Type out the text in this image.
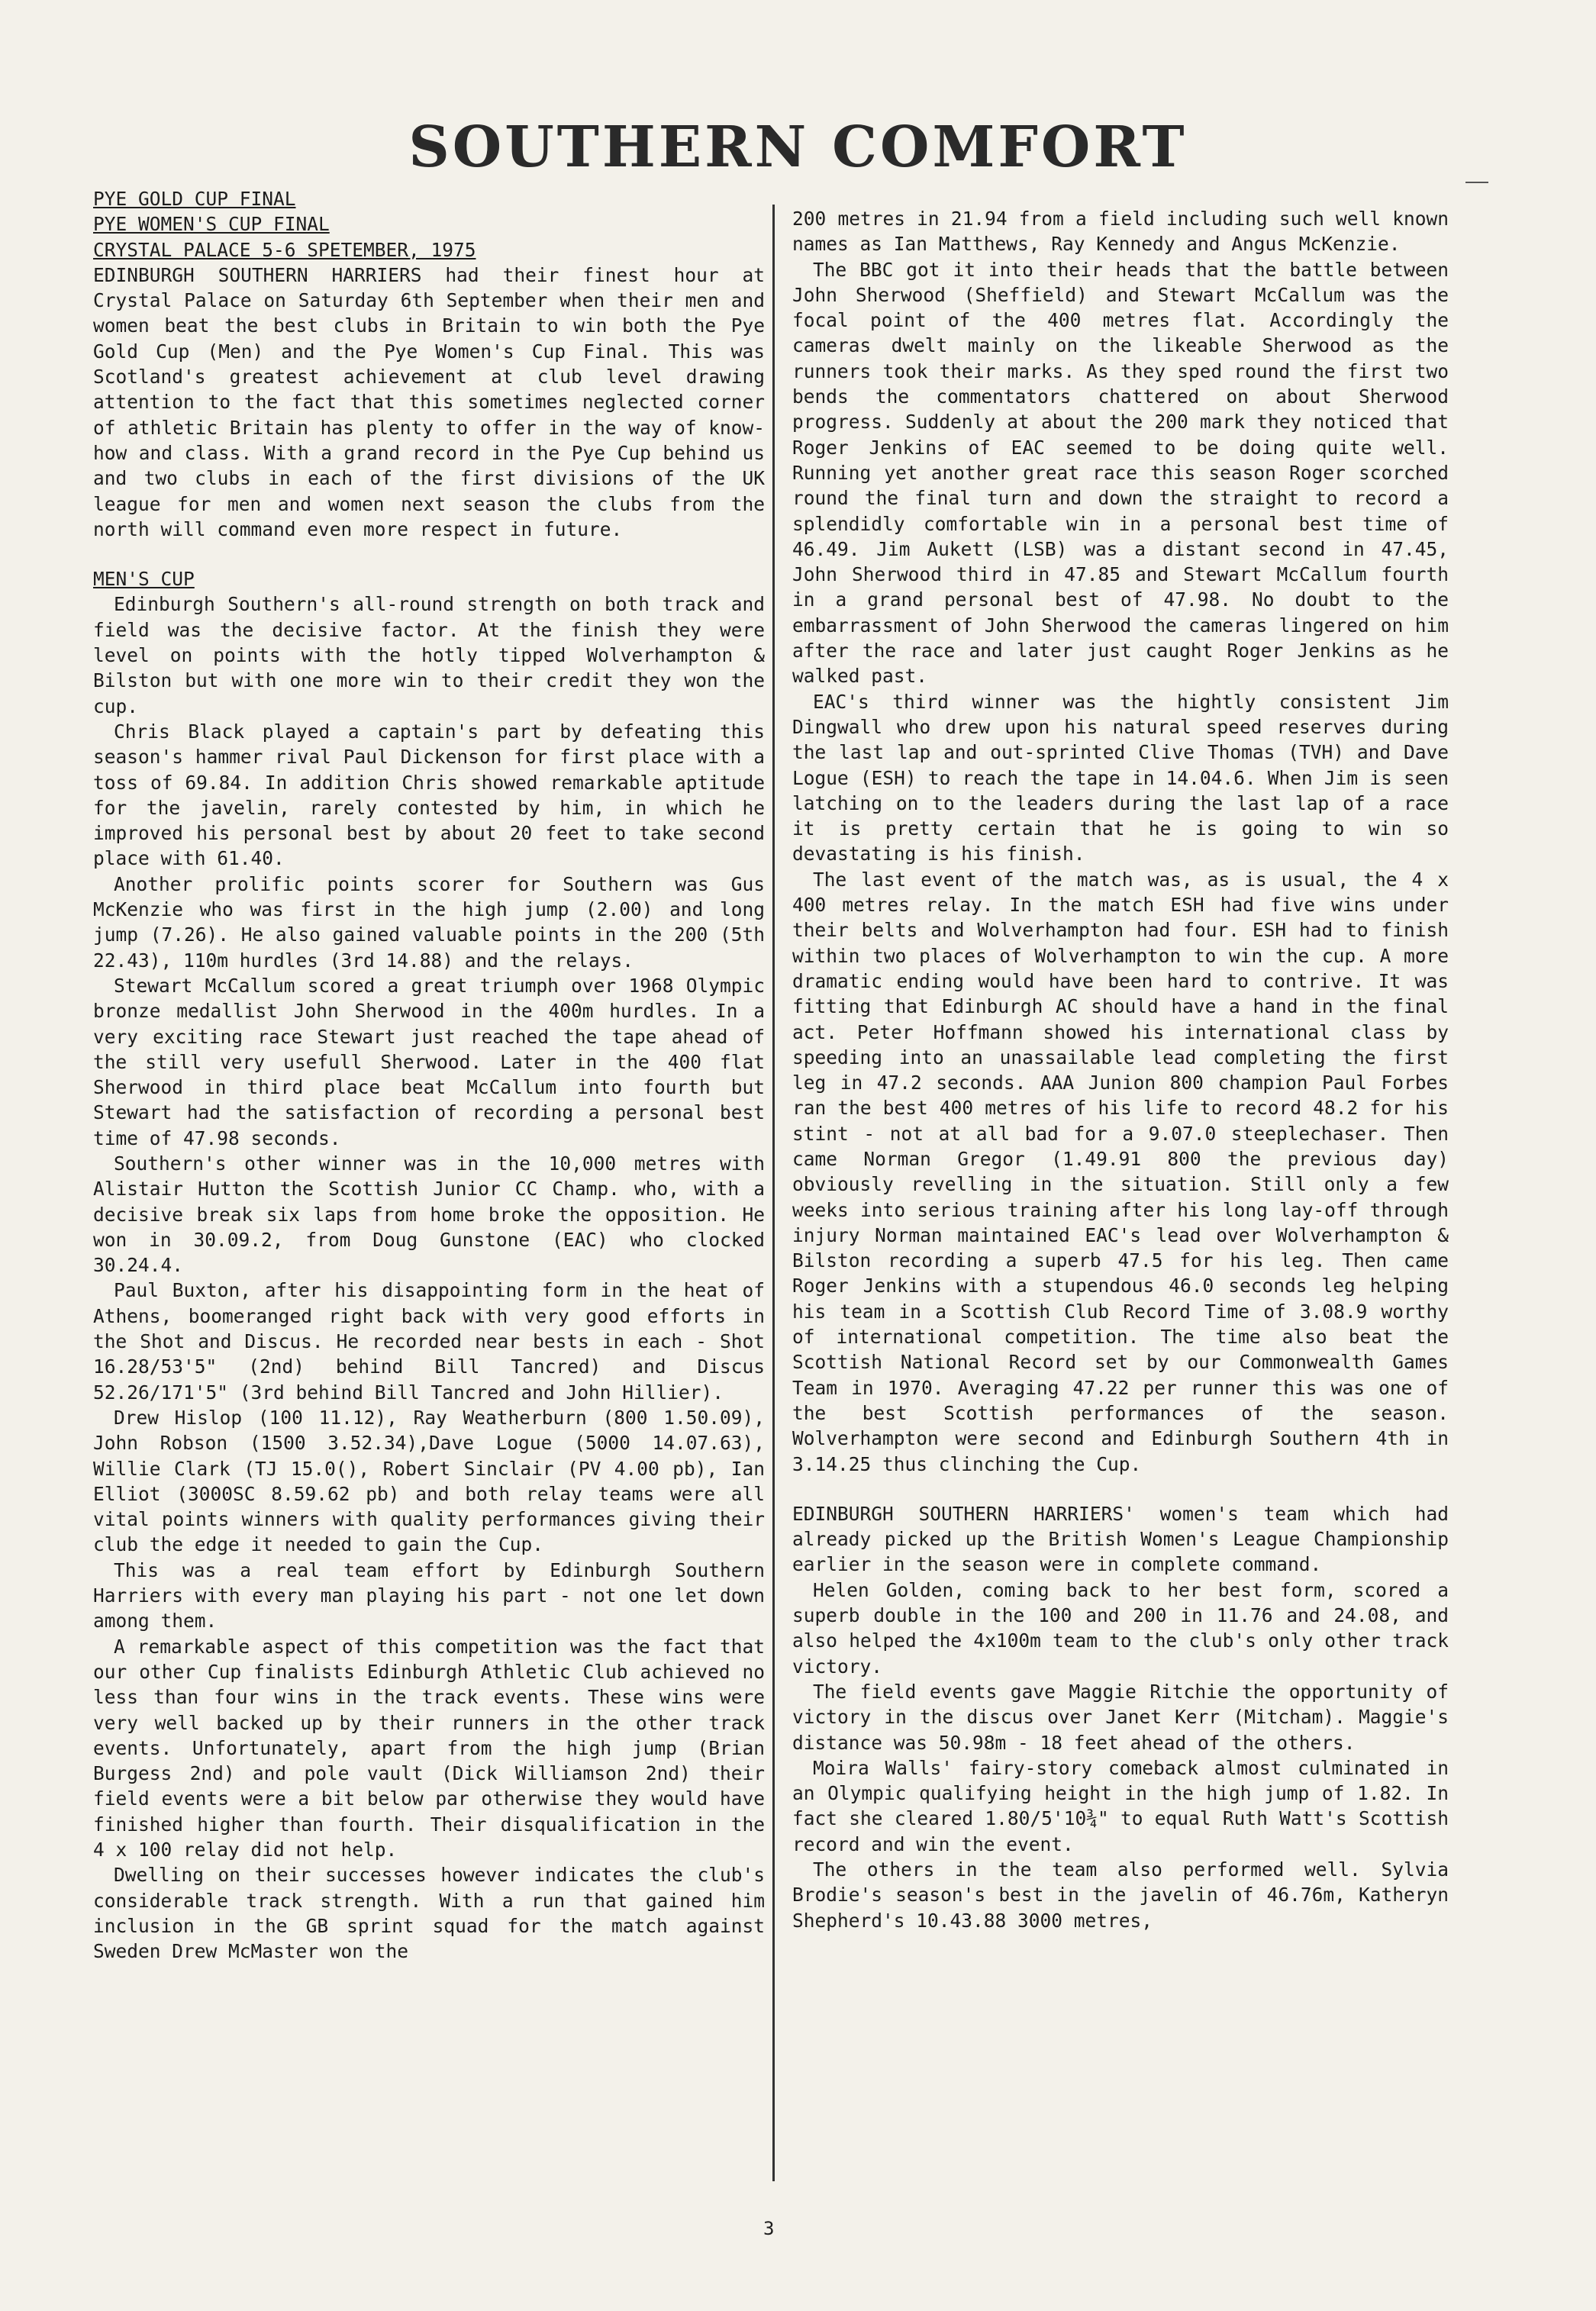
SOUTHERN COMFORT
PYE GOLD CUP FINAL
PYE WOMEN'S CUP FINAL
CRYSTAL PALACE 5-6 SPETEMBER, 1975

EDINBURGH SOUTHERN HARRIERS had their finest hour at Crystal Palace on Saturday 6th September when their men and women beat the best clubs in Britain to win both the Pye Gold Cup (Men) and the Pye Women's Cup Final. This was Scotland's greatest achievement at club level drawing attention to the fact that this sometimes neglected corner of athletic Britain has plenty to offer in the way of know-how and class. With a grand record in the Pye Cup behind us and two clubs in each of the first divisions of the UK league for men and women next season the clubs from the north will command even more respect in future.

MEN'S CUP

Edinburgh Southern's all-round strength on both track and field was the decisive factor. At the finish they were level on points with the hotly tipped Wolverhampton & Bilston but with one more win to their credit they won the cup.

Chris Black played a captain's part by defeating this season's hammer rival Paul Dickenson for first place with a toss of 69.84. In addition Chris showed remarkable aptitude for the javelin, rarely contested by him, in which he improved his personal best by about 20 feet to take second place with 61.40.

Another prolific points scorer for Southern was Gus McKenzie who was first in the high jump (2.00) and long jump (7.26). He also gained valuable points in the 200 (5th 22.43), 110m hurdles (3rd 14.88) and the relays.

Stewart McCallum scored a great triumph over 1968 Olympic bronze medallist John Sherwood in the 400m hurdles. In a very exciting race Stewart just reached the tape ahead of the still very usefull Sherwood. Later in the 400 flat Sherwood in third place beat McCallum into fourth but Stewart had the satisfaction of recording a personal best time of 47.98 seconds.

Southern's other winner was in the 10,000 metres with Alistair Hutton the Scottish Junior CC Champ. who, with a decisive break six laps from home broke the opposition. He won in 30.09.2, from Doug Gunstone (EAC) who clocked 30.24.4.

Paul Buxton, after his disappointing form in the heat of Athens, boomeranged right back with very good efforts in the Shot and Discus. He recorded near bests in each - Shot 16.28/53'5" (2nd) behind Bill Tancred) and Discus 52.26/171'5" (3rd behind Bill Tancred and John Hillier).

Drew Hislop (100 11.12), Ray Weatherburn (800 1.50.09), John Robson (1500 3.52.34),Dave Logue (5000 14.07.63), Willie Clark (TJ 15.0(), Robert Sinclair (PV 4.00 pb), Ian Elliot (3000SC 8.59.62 pb) and both relay teams were all vital points winners with quality performances giving their club the edge it needed to gain the Cup.

This was a real team effort by Edinburgh Southern Harriers with every man playing his part - not one let down among them.

A remarkable aspect of this competition was the fact that our other Cup finalists Edinburgh Athletic Club achieved no less than four wins in the track events. These wins were very well backed up by their runners in the other track events. Unfortunately, apart from the high jump (Brian Burgess 2nd) and pole vault (Dick Williamson 2nd) their field events were a bit below par otherwise they would have finished higher than fourth. Their disqualification in the 4 x 100 relay did not help.

Dwelling on their successes however indicates the club's considerable track strength. With a run that gained him inclusion in the GB sprint squad for the match against Sweden Drew McMaster won the

200 metres in 21.94 from a field including such well known names as Ian Matthews, Ray Kennedy and Angus McKenzie.

The BBC got it into their heads that the battle between John Sherwood (Sheffield) and Stewart McCallum was the focal point of the 400 metres flat. Accordingly the cameras dwelt mainly on the likeable Sherwood as the runners took their marks. As they sped round the first two bends the commentators chattered on about Sherwood progress. Suddenly at about the 200 mark they noticed that Roger Jenkins of EAC seemed to be doing quite well. Running yet another great race this season Roger scorched round the final turn and down the straight to record a splendidly comfortable win in a personal best time of 46.49. Jim Aukett (LSB) was a distant second in 47.45, John Sherwood third in 47.85 and Stewart McCallum fourth in a grand personal best of 47.98. No doubt to the embarrassment of John Sherwood the cameras lingered on him after the race and later just caught Roger Jenkins as he walked past.

EAC's third winner was the hightly consistent Jim Dingwall who drew upon his natural speed reserves during the last lap and out-sprinted Clive Thomas (TVH) and Dave Logue (ESH) to reach the tape in 14.04.6. When Jim is seen latching on to the leaders during the last lap of a race it is pretty certain that he is going to win so devastating is his finish.

The last event of the match was, as is usual, the 4 x 400 metres relay. In the match ESH had five wins under their belts and Wolverhampton had four. ESH had to finish within two places of Wolverhampton to win the cup. A more dramatic ending would have been hard to contrive. It was fitting that Edinburgh AC should have a hand in the final act. Peter Hoffmann showed his international class by speeding into an unassailable lead completing the first leg in 47.2 seconds. AAA Junion 800 champion Paul Forbes ran the best 400 metres of his life to record 48.2 for his stint - not at all bad for a 9.07.0 steeplechaser. Then came Norman Gregor (1.49.91 800 the previous day) obviously revelling in the situation. Still only a few weeks into serious training after his long lay-off through injury Norman maintained EAC's lead over Wolverhampton & Bilston recording a superb 47.5 for his leg. Then came Roger Jenkins with a stupendous 46.0 seconds leg helping his team in a Scottish Club Record Time of 3.08.9 worthy of international competition. The time also beat the Scottish National Record set by our Commonwealth Games Team in 1970. Averaging 47.22 per runner this was one of the best Scottish performances of the season. Wolverhampton were second and Edinburgh Southern 4th in 3.14.25 thus clinching the Cup.

EDINBURGH SOUTHERN HARRIERS' women's team which had already picked up the British Women's League Championship earlier in the season were in complete command.

Helen Golden, coming back to her best form, scored a superb double in the 100 and 200 in 11.76 and 24.08, and also helped the 4x100m team to the club's only other track victory.

The field events gave Maggie Ritchie the opportunity of victory in the discus over Janet Kerr (Mitcham). Maggie's distance was 50.98m - 18 feet ahead of the others.

Moira Walls' fairy-story comeback almost culminated in an Olympic qualifying height in the high jump of 1.82. In fact she cleared 1.80/5'10¾" to equal Ruth Watt's Scottish record and win the event.

The others in the team also performed well. Sylvia Brodie's season's best in the javelin of 46.76m, Katheryn Shepherd's 10.43.88 3000 metres,

3
